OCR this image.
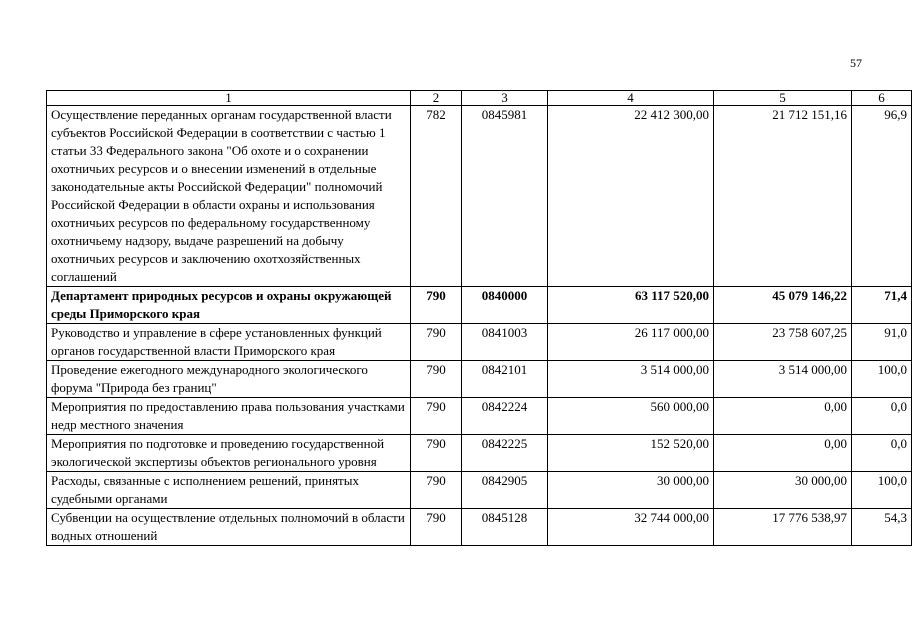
57
1	2	3	4	5	6
Осуществление переданных органам государственной власти субъектов Российской Федерации в соответствии с частью 1 статьи 33 Федерального закона "Об охоте и о сохранении охотничьих ресурсов и о внесении изменений в отдельные законодательные акты Российской Федерации" полномочий Российской Федерации в области охраны и использования охотничьих ресурсов по федеральному государственному охотничьему надзору, выдаче разрешений на добычу охотничьих ресурсов и заключению охотхозяйственных соглашений	782	0845981	22 412 300,00	21 712 151,16	96,9
Департамент природных ресурсов и охраны окружающей среды Приморского края	790	0840000	63 117 520,00	45 079 146,22	71,4
Руководство и управление в сфере установленных функций органов государственной власти Приморского края	790	0841003	26 117 000,00	23 758 607,25	91,0
Проведение ежегодного международного экологического форума "Природа без границ"	790	0842101	3 514 000,00	3 514 000,00	100,0
Мероприятия по предоставлению права пользования участками недр местного значения	790	0842224	560 000,00	0,00	0,0
Мероприятия по подготовке и проведению государственной экологической экспертизы объектов регионального уровня	790	0842225	152 520,00	0,00	0,0
Расходы, связанные с исполнением решений, принятых судебными органами	790	0842905	30 000,00	30 000,00	100,0
Субвенции на осуществление отдельных полномочий в области водных отношений	790	0845128	32 744 000,00	17 776 538,97	54,3
